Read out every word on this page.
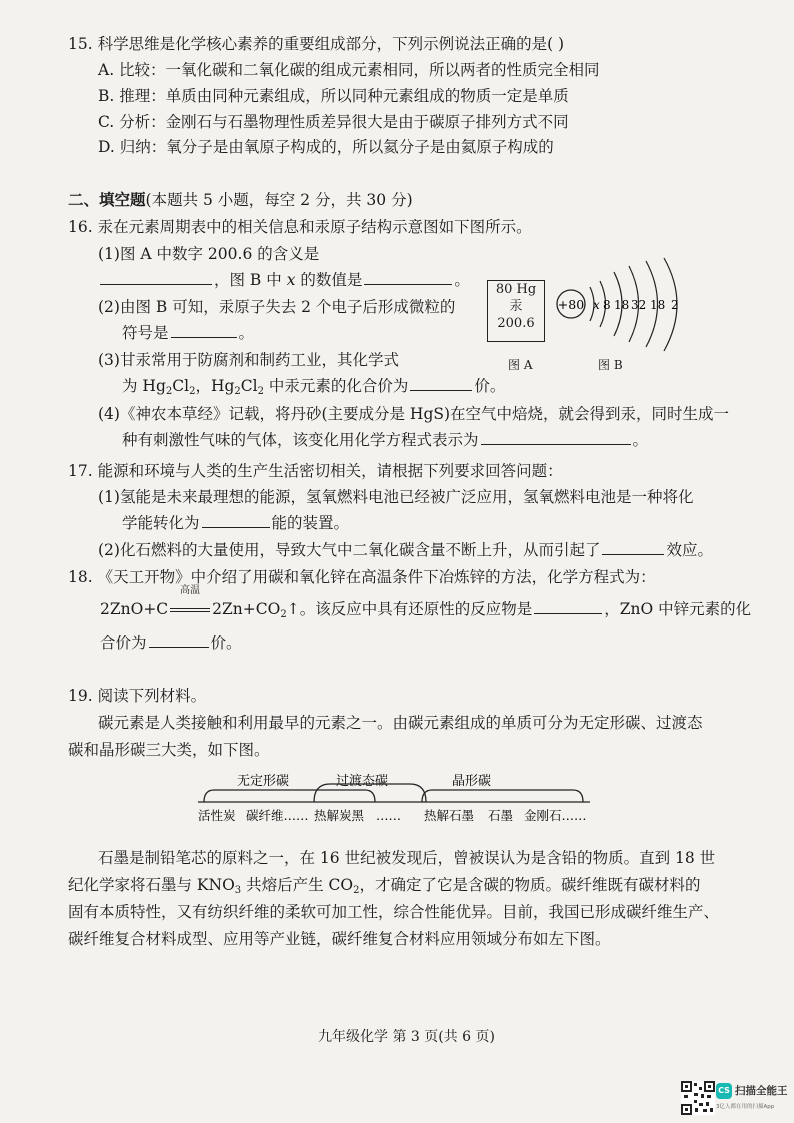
15. 科学思维是化学核心素养的重要组成部分，下列示例说法正确的是( )
A. 比较：一氧化碳和二氧化碳的组成元素相同，所以两者的性质完全相同
B. 推理：单质由同种元素组成，所以同种元素组成的物质一定是单质
C. 分析：金刚石与石墨物理性质差异很大是由于碳原子排列方式不同
D. 归纳：氧分子是由氧原子构成的，所以氦分子是由氦原子构成的
二、填空题(本题共 5 小题，每空 2 分，共 30 分)
16. 汞在元素周期表中的相关信息和汞原子结构示意图如下图所示。
(1)图 A 中数字 200.6 的含义是
，图 B 中 x 的数值是	。
(2)由图 B 可知，汞原子失去 2 个电子后形成微粒的
符号是	。
(3)甘汞常用于防腐剂和制药工业，其化学式
为 $Hg_2Cl_2$，$Hg_2Cl_2$ 中汞元素的化合价为	价。
(4)《神农本草经》记载，将丹砂(主要成分是 HgS)在空气中焙烧，就会得到汞，同时生成一
种有刺激性气味的气体，该变化用化学方程式表示为	。
80 Hg
汞
200.6
图 A
+80 x 8 18 32 18 2
图 B
17. 能源和环境与人类的生产生活密切相关，请根据下列要求回答问题：
(1)氢能是未来最理想的能源，氢氧燃料电池已经被广泛应用，氢氧燃料电池是一种将化
学能转化为	能的装置。
(2)化石燃料的大量使用，导致大气中二氧化碳含量不断上升，从而引起了	效应。
18. 《天工开物》中介绍了用碳和氧化锌在高温条件下冶炼锌的方法，化学方程式为：
2ZnO+C
高温
$2Zn+CO_2↑$。该反应中具有还原性的反应物是	，ZnO 中锌元素的化
合价为	价。
19. 阅读下列材料。
碳元素是人类接触和利用最早的元素之一。由碳元素组成的单质可分为无定形碳、过渡态
碳和晶形碳三大类，如下图。
无定形碳	过渡态碳	晶形碳
活性炭 碳纤维…… 热解炭黑 …… 热解石墨 石墨 金刚石……
石墨是制铅笔芯的原料之一，在 16 世纪被发现后，曾被误认为是含铅的物质。直到 18 世
纪化学家将石墨与 $KNO_3$ 共熔后产生 $CO_2$，才确定了它是含碳的物质。碳纤维既有碳材料的
固有本质特性，又有纺织纤维的柔软可加工性，综合性能优异。目前，我国已形成碳纤维生产、
碳纤维复合材料成型、应用等产业链，碳纤维复合材料应用领域分布如左下图。
九年级化学 第 3 页(共 6 页)
CS 扫描全能王
3亿人都在用的扫描App
